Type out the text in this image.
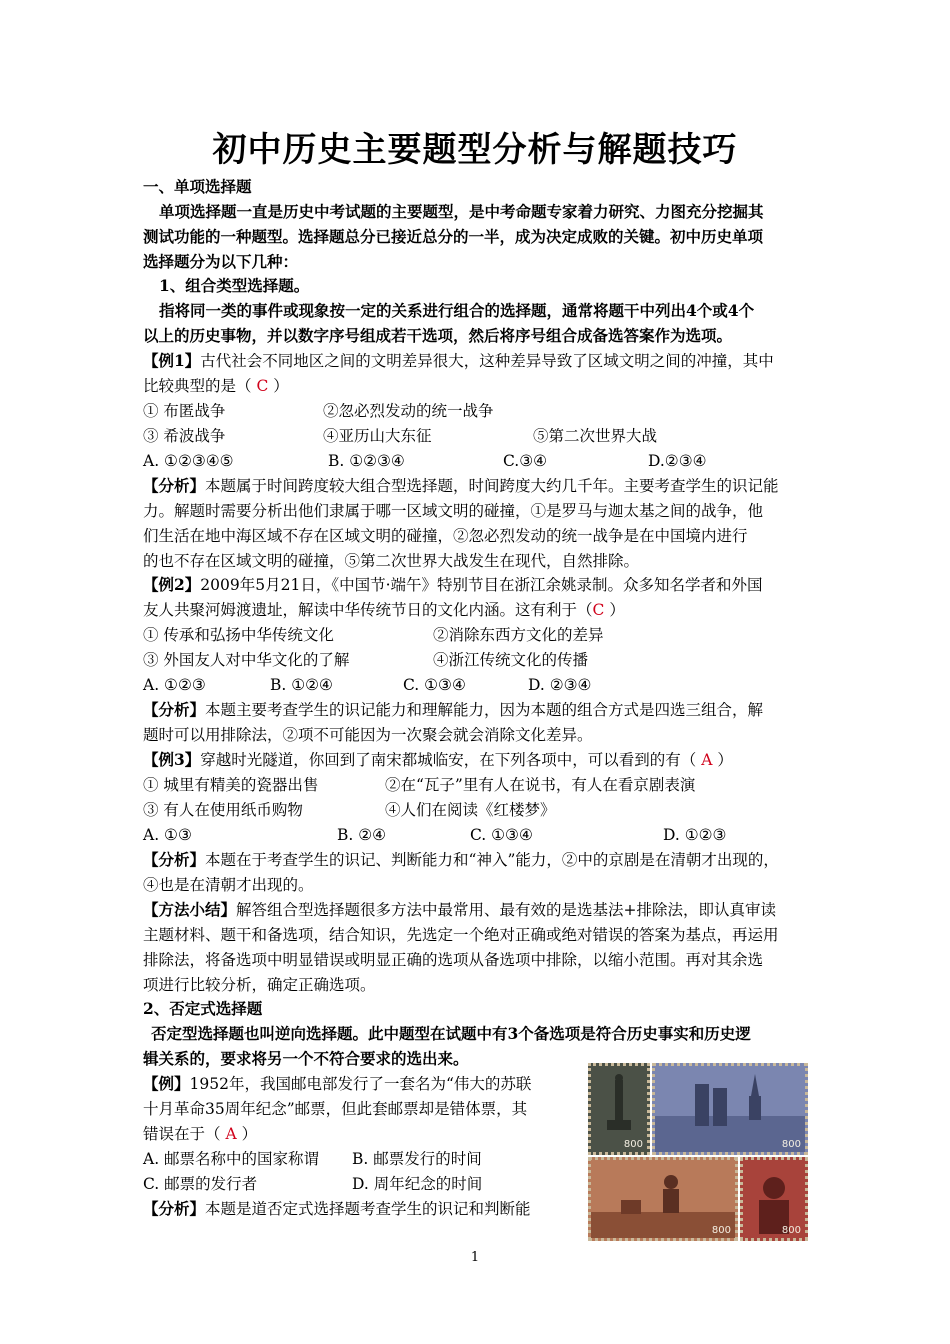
初中历史主要题型分析与解题技巧
一、单项选择题
单项选择题一直是历史中考试题的主要题型，是中考命题专家着力研究、力图充分挖掘其
测试功能的一种题型。选择题总分已接近总分的一半，成为决定成败的关键。初中历史单项
选择题分为以下几种：
1、组合类型选择题。
指将同一类的事件或现象按一定的关系进行组合的选择题，通常将题干中列出4个或4个
以上的历史事物，并以数字序号组成若干选项，然后将序号组合成备选答案作为选项。
【例1】古代社会不同地区之间的文明差异很大，这种差异导致了区域文明之间的冲撞，其中
比较典型的是（ C ）
① 布匿战争	②忽必烈发动的统一战争
③ 希波战争	④亚历山大东征	⑤第二次世界大战
A. ①②③④⑤	B. ①②③④	C.③④	D.②③④
【分析】本题属于时间跨度较大组合型选择题，时间跨度大约几千年。主要考查学生的识记能
力。解题时需要分析出他们隶属于哪一区域文明的碰撞，①是罗马与迦太基之间的战争，他
们生活在地中海区域不存在区域文明的碰撞，②忽必烈发动的统一战争是在中国境内进行
的也不存在区域文明的碰撞，⑤第二次世界大战发生在现代，自然排除。
【例2】2009年5月21日，《中国节·端午》特别节目在浙江余姚录制。众多知名学者和外国
友人共聚河姆渡遗址，解读中华传统节日的文化内涵。这有利于（C ）
① 传承和弘扬中华传统文化	②消除东西方文化的差异
③ 外国友人对中华文化的了解	④浙江传统文化的传播
A. ①②③	B. ①②④	C. ①③④	D. ②③④
【分析】本题主要考查学生的识记能力和理解能力，因为本题的组合方式是四选三组合，解
题时可以用排除法，②项不可能因为一次聚会就会消除文化差异。
【例3】穿越时光隧道，你回到了南宋都城临安，在下列各项中，可以看到的有（ A ）
① 城里有精美的瓷器出售	②在“瓦子”里有人在说书，有人在看京剧表演
③ 有人在使用纸币购物	④人们在阅读《红楼梦》
A. ①③	B. ②④	C. ①③④	D. ①②③
【分析】本题在于考查学生的识记、判断能力和“神入”能力，②中的京剧是在清朝才出现的，
④也是在清朝才出现的。
【方法小结】解答组合型选择题很多方法中最常用、最有效的是选基法+排除法，即认真审读
主题材料、题干和备选项，结合知识，先选定一个绝对正确或绝对错误的答案为基点，再运用
排除法，将备选项中明显错误或明显正确的选项从备选项中排除，以缩小范围。再对其余选
项进行比较分析，确定正确选项。
2、否定式选择题
否定型选择题也叫逆向选择题。此中题型在试题中有3个备选项是符合历史事实和历史逻
辑关系的，要求将另一个不符合要求的选出来。
【例】1952年，我国邮电部发行了一套名为“伟大的苏联
十月革命35周年纪念”邮票，但此套邮票却是错体票，其
错误在于（ A ）
A. 邮票名称中的国家称谓 B. 邮票发行的时间
C. 邮票的发行者	D. 周年纪念的时间
【分析】本题是道否定式选择题考查学生的识记和判断能
800	800
800	800
1
